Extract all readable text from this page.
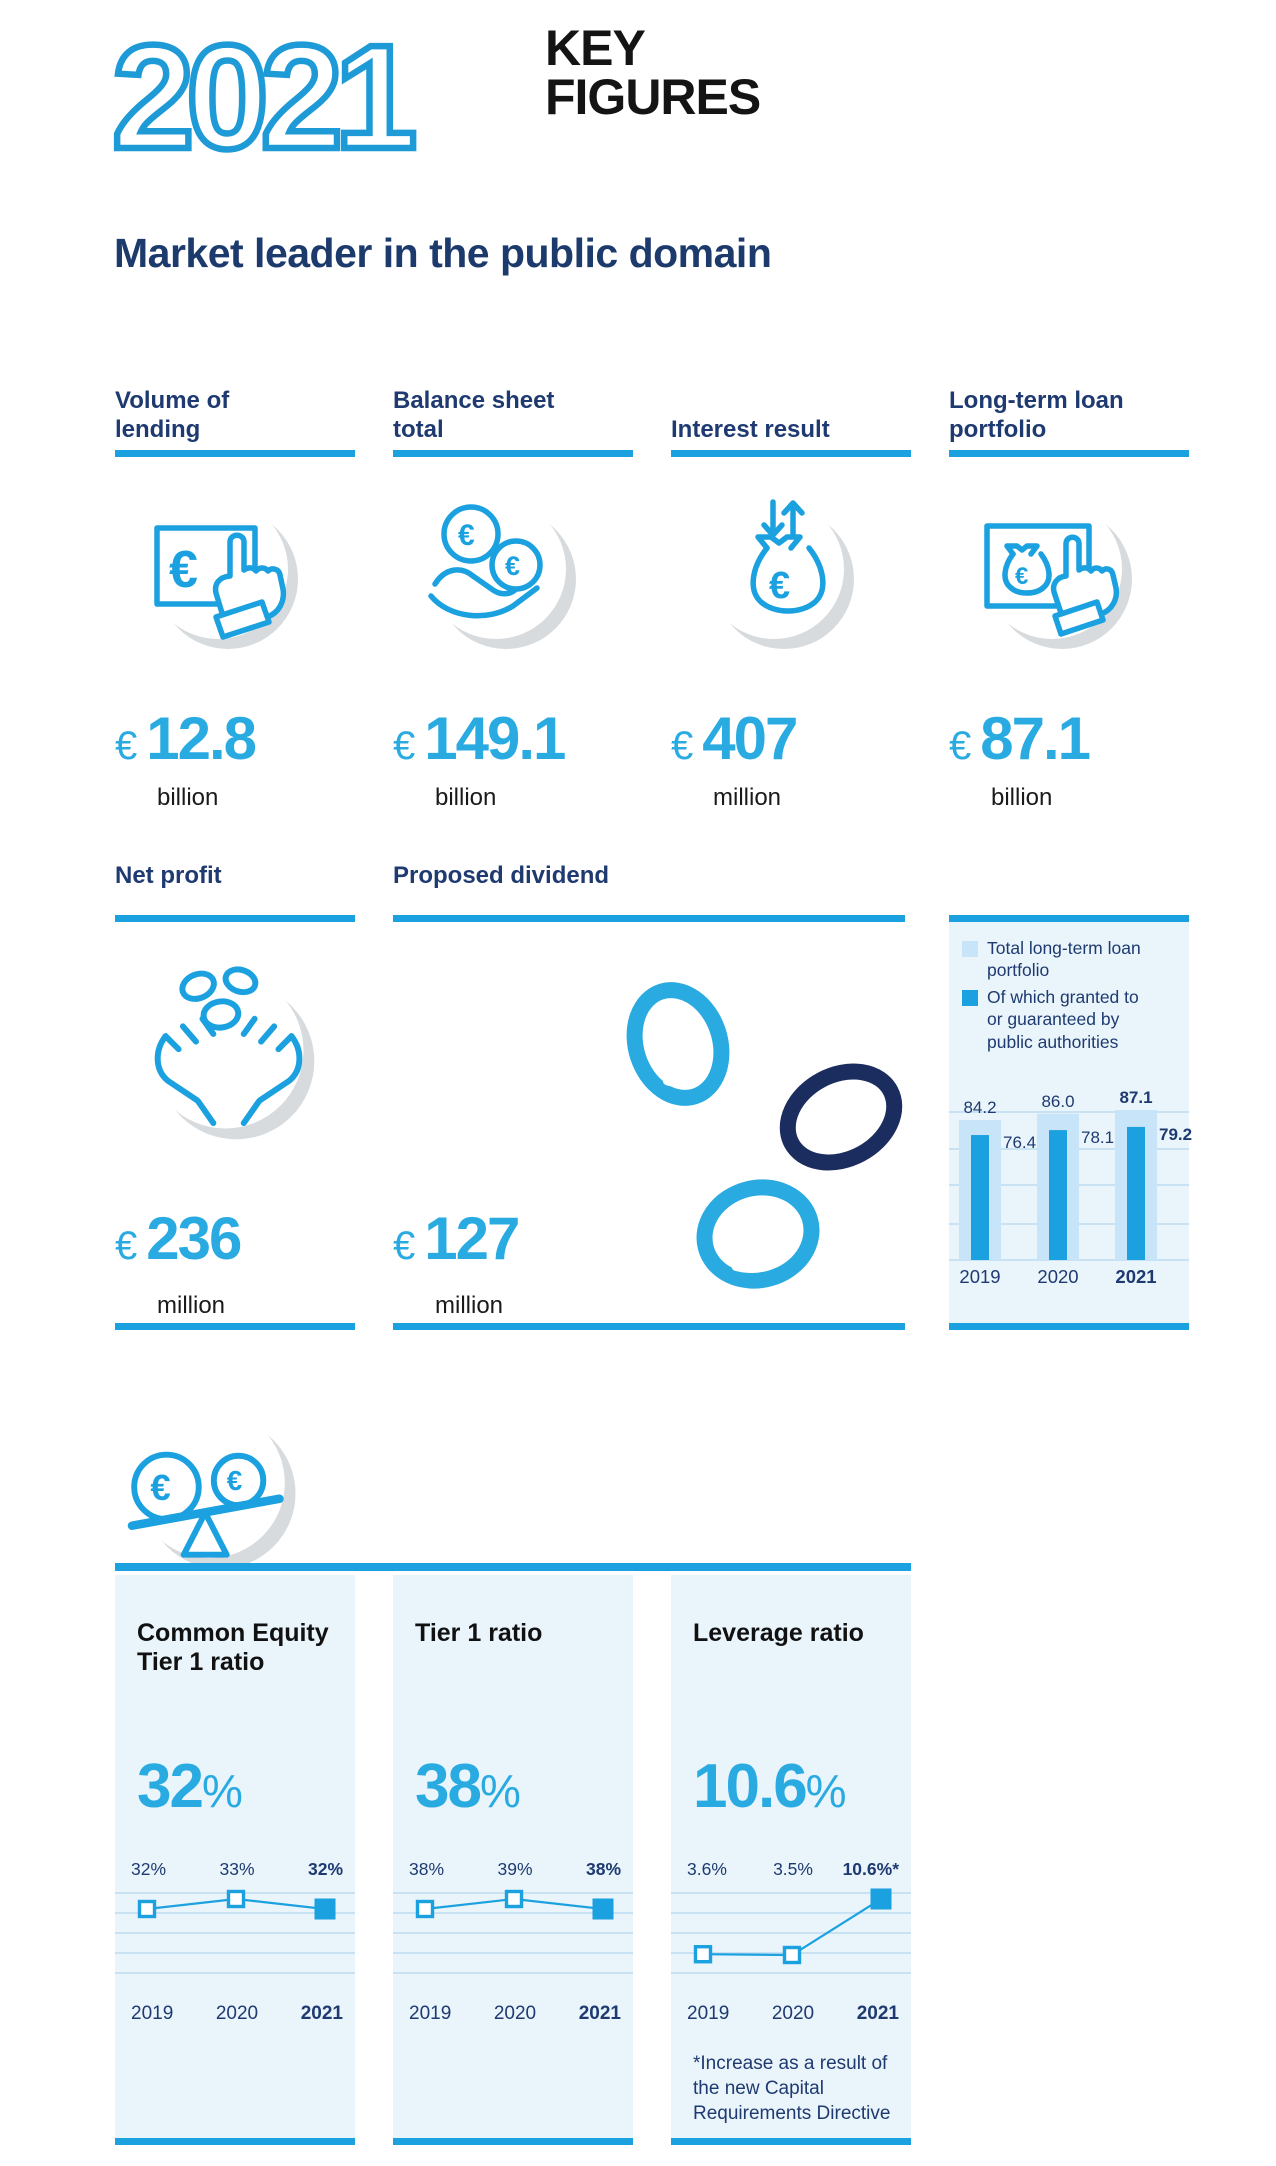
2021	KEY FIGURES
Market leader in the public domain
Volume of lending
€
€ 12.8
billion
Balance sheet total
€
€
€ 149.1
billion
Interest result
€
€ 407
million
Long-term loan portfolio
€
€ 87.1
billion
Net profit
€ 236
million
Proposed dividend
€ 127
million
Total long-term loan portfolio
Of which granted to or guaranteed by public authorities
84.2	86.0	87.1
76.4	78.1	79.2
2019 2020 2021
€ €
Common Equity Tier 1 ratio
32%
32%	33%	32%
2019	2020	2021
Tier 1 ratio
38%
38%	39%	38%
2019	2020	2021
Leverage ratio
10.6%
3.6%	3.5%	10.6%*
2019	2020	2021
*Increase as a result of the new Capital Requirements Directive
